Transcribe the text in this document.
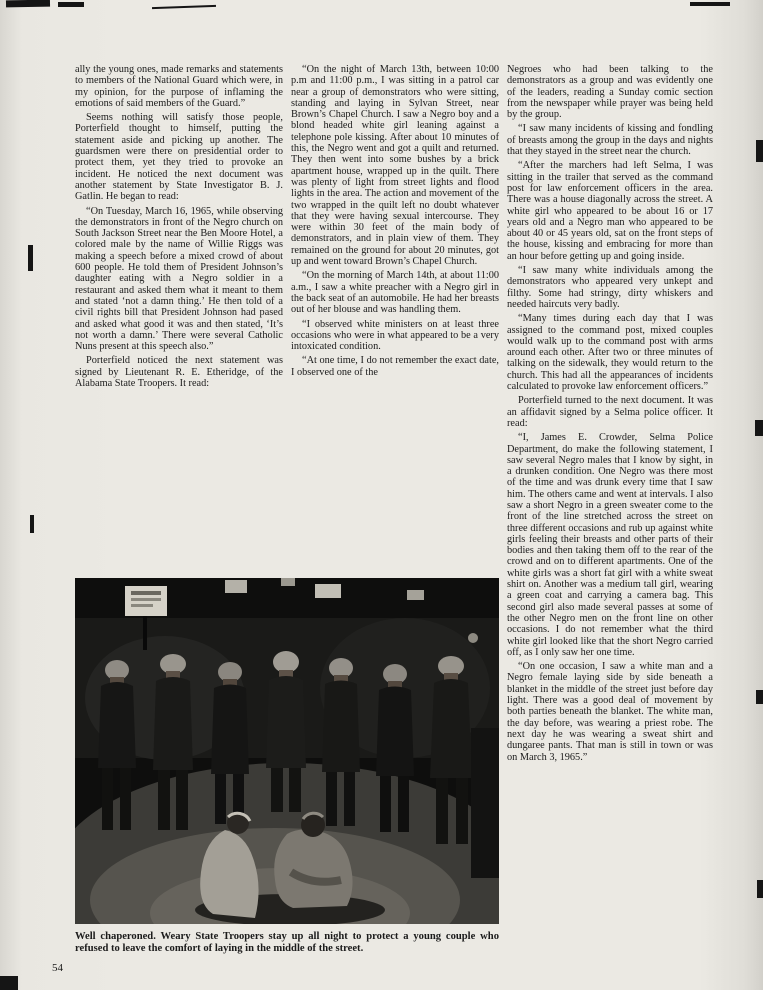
ally the young ones, made remarks and statements to members of the National Guard which were, in my opinion, for the purpose of inflaming the emotions of said members of the Guard.”

Seems nothing will satisfy those people, Porterfield thought to himself, putting the statement aside and picking up another. The guardsmen were there on presidential order to protect them, yet they tried to provoke an incident. He noticed the next document was another statement by State Investigator B. J. Gatlin. He began to read:

“On Tuesday, March 16, 1965, while observing the demonstrators in front of the Negro church on South Jackson Street near the Ben Moore Hotel, a colored male by the name of Willie Riggs was making a speech before a mixed crowd of about 600 people. He told them of President Johnson’s daughter eating with a Negro soldier in a restaurant and asked them what it meant to them and stated ‘not a damn thing.’ He then told of a civil rights bill that President Johnson had pased and asked what good it was and then stated, ‘It’s not worth a damn.’ There were several Catholic Nuns present at this speech also.”

Porterfield noticed the next statement was signed by Lieutenant R. E. Etheridge, of the Alabama State Troopers. It read:

“On the night of March 13th, between 10:00 p.m and 11:00 p.m., I was sitting in a patrol car near a group of demonstrators who were sitting, standing and laying in Sylvan Street, near Brown’s Chapel Church. I saw a Negro boy and a blond headed white girl leaning against a telephone pole kissing. After about 10 minutes of this, the Negro went and got a quilt and returned. They then went into some bushes by a brick apartment house, wrapped up in the quilt. There was plenty of light from street lights and flood lights in the area. The action and movement of the two wrapped in the quilt left no doubt whatever that they were having sexual intercourse. They were within 30 feet of the main body of demonstrators, and in plain view of them. They remained on the ground for about 20 minutes, got up and went toward Brown’s Chapel Church.

“On the morning of March 14th, at about 11:00 a.m., I saw a white preacher with a Negro girl in the back seat of an automobile. He had her breasts out of her blouse and was handling them.

“I observed white ministers on at least three occasions who were in what appeared to be a very intoxicated condition.

“At one time, I do not remember the exact date, I observed one of the

Negroes who had been talking to the demonstrators as a group and was evidently one of the leaders, reading a Sunday comic section from the newspaper while prayer was being held by the group.

“I saw many incidents of kissing and fondling of breasts among the group in the days and nights that they stayed in the street near the church.

“After the marchers had left Selma, I was sitting in the trailer that served as the command post for law enforcement officers in the area. There was a house diagonally across the street. A white girl who appeared to be about 16 or 17 years old and a Negro man who appeared to be about 40 or 45 years old, sat on the front steps of the house, kissing and embracing for more than an hour before getting up and going inside.

“I saw many white individuals among the demonstrators who appeared very unkept and filthy. Some had stringy, dirty whiskers and needed haircuts very badly.

“Many times during each day that I was assigned to the command post, mixed couples would walk up to the command post with arms around each other. After two or three minutes of talking on the sidewalk, they would return to the church. This had all the appearances of incidents calculated to provoke law enforcement officers.”

Porterfield turned to the next document. It was an affidavit signed by a Selma police officer. It read:

“I, James E. Crowder, Selma Police Department, do make the following statement, I saw several Negro males that I know by sight, in a drunken condition. One Negro was there most of the time and was drunk every time that I saw him. The others came and went at intervals. I also saw a short Negro in a green sweater come to the front of the line stretched across the street on three different occasions and rub up against white girls feeling their breasts and other parts of their bodies and then taking them off to the rear of the crowd and on to different apartments. One of the white girls was a short fat girl with a white sweat shirt on. Another was a medium tall girl, wearing a green coat and carrying a camera bag. This second girl also made several passes at some of the other Negro men on the front line on other occasions. I do not remember what the third white girl looked like that the short Negro carried off, as I only saw her one time.

“On one occasion, I saw a white man and a Negro female laying side by side beneath a blanket in the middle of the street just before day light. There was a good deal of movement by both parties beneath the blanket. The white man, the day before, was wearing a priest robe. The next day he was wearing a sweat shirt and dungaree pants. That man is still in town or was on March 3, 1965.”

Well chaperoned. Weary State Troopers stay up all night to protect a young couple who refused to leave the comfort of laying in the middle of the street.

54
